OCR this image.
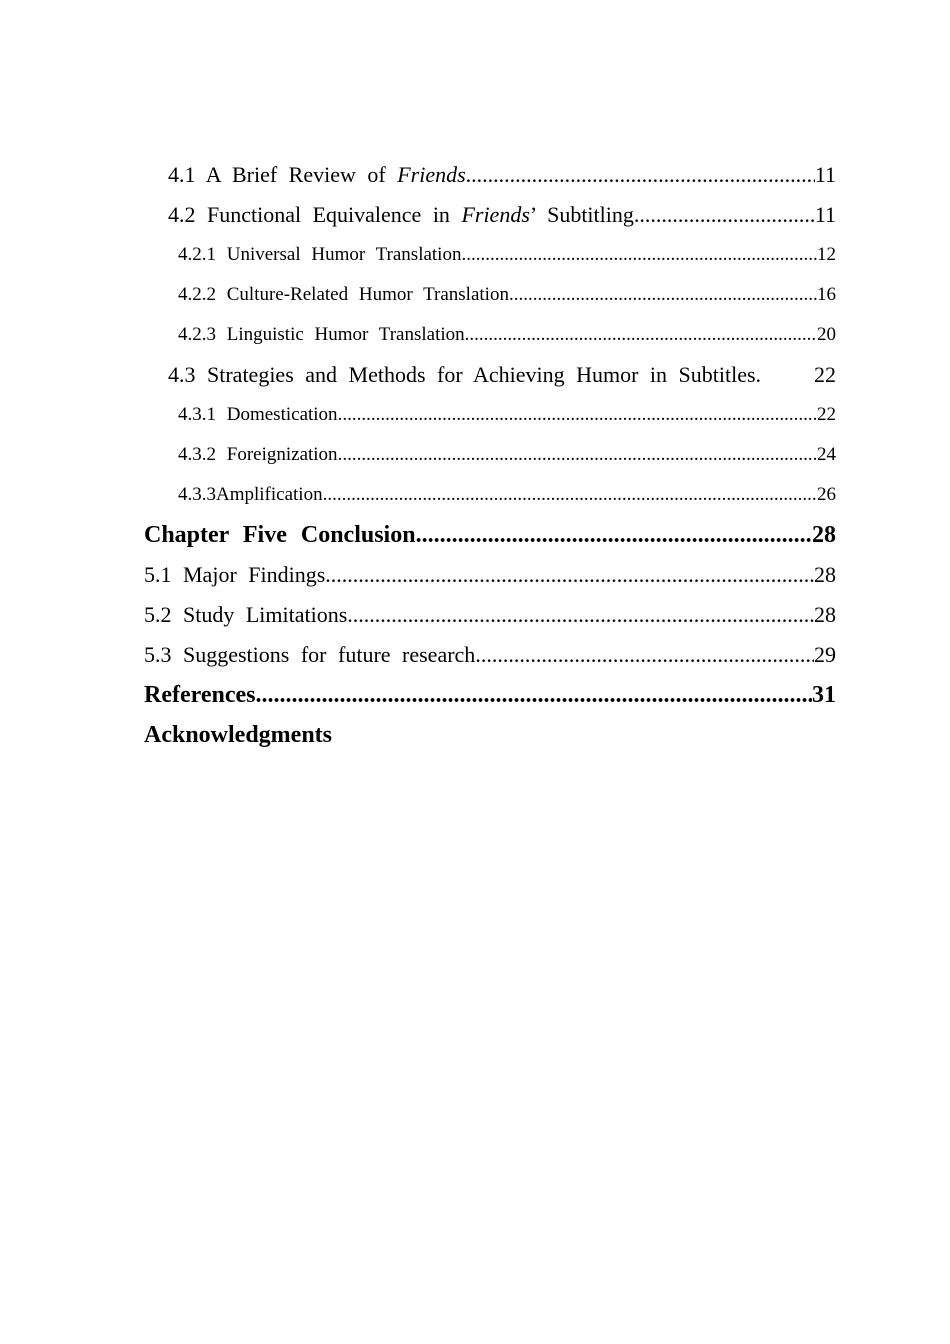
4.1 A Brief Review of Friends .....	11
4.2 Functional Equivalence in Friends’ Subtitling .....	11
4.2.1 Universal Humor Translation .....	12
4.2.2 Culture-Related Humor Translation .....	16
4.2.3 Linguistic Humor Translation .....	20
4.3 Strategies and Methods for Achieving Humor in Subtitles.	22
4.3.1 Domestication .....	22
4.3.2 Foreignization .....	24
4.3.3Amplification .....	26
Chapter Five Conclusion .....	28
5.1 Major Findings .....	28
5.2 Study Limitations .....	28
5.3 Suggestions for future research .....	29
References .....	31
Acknowledgments
